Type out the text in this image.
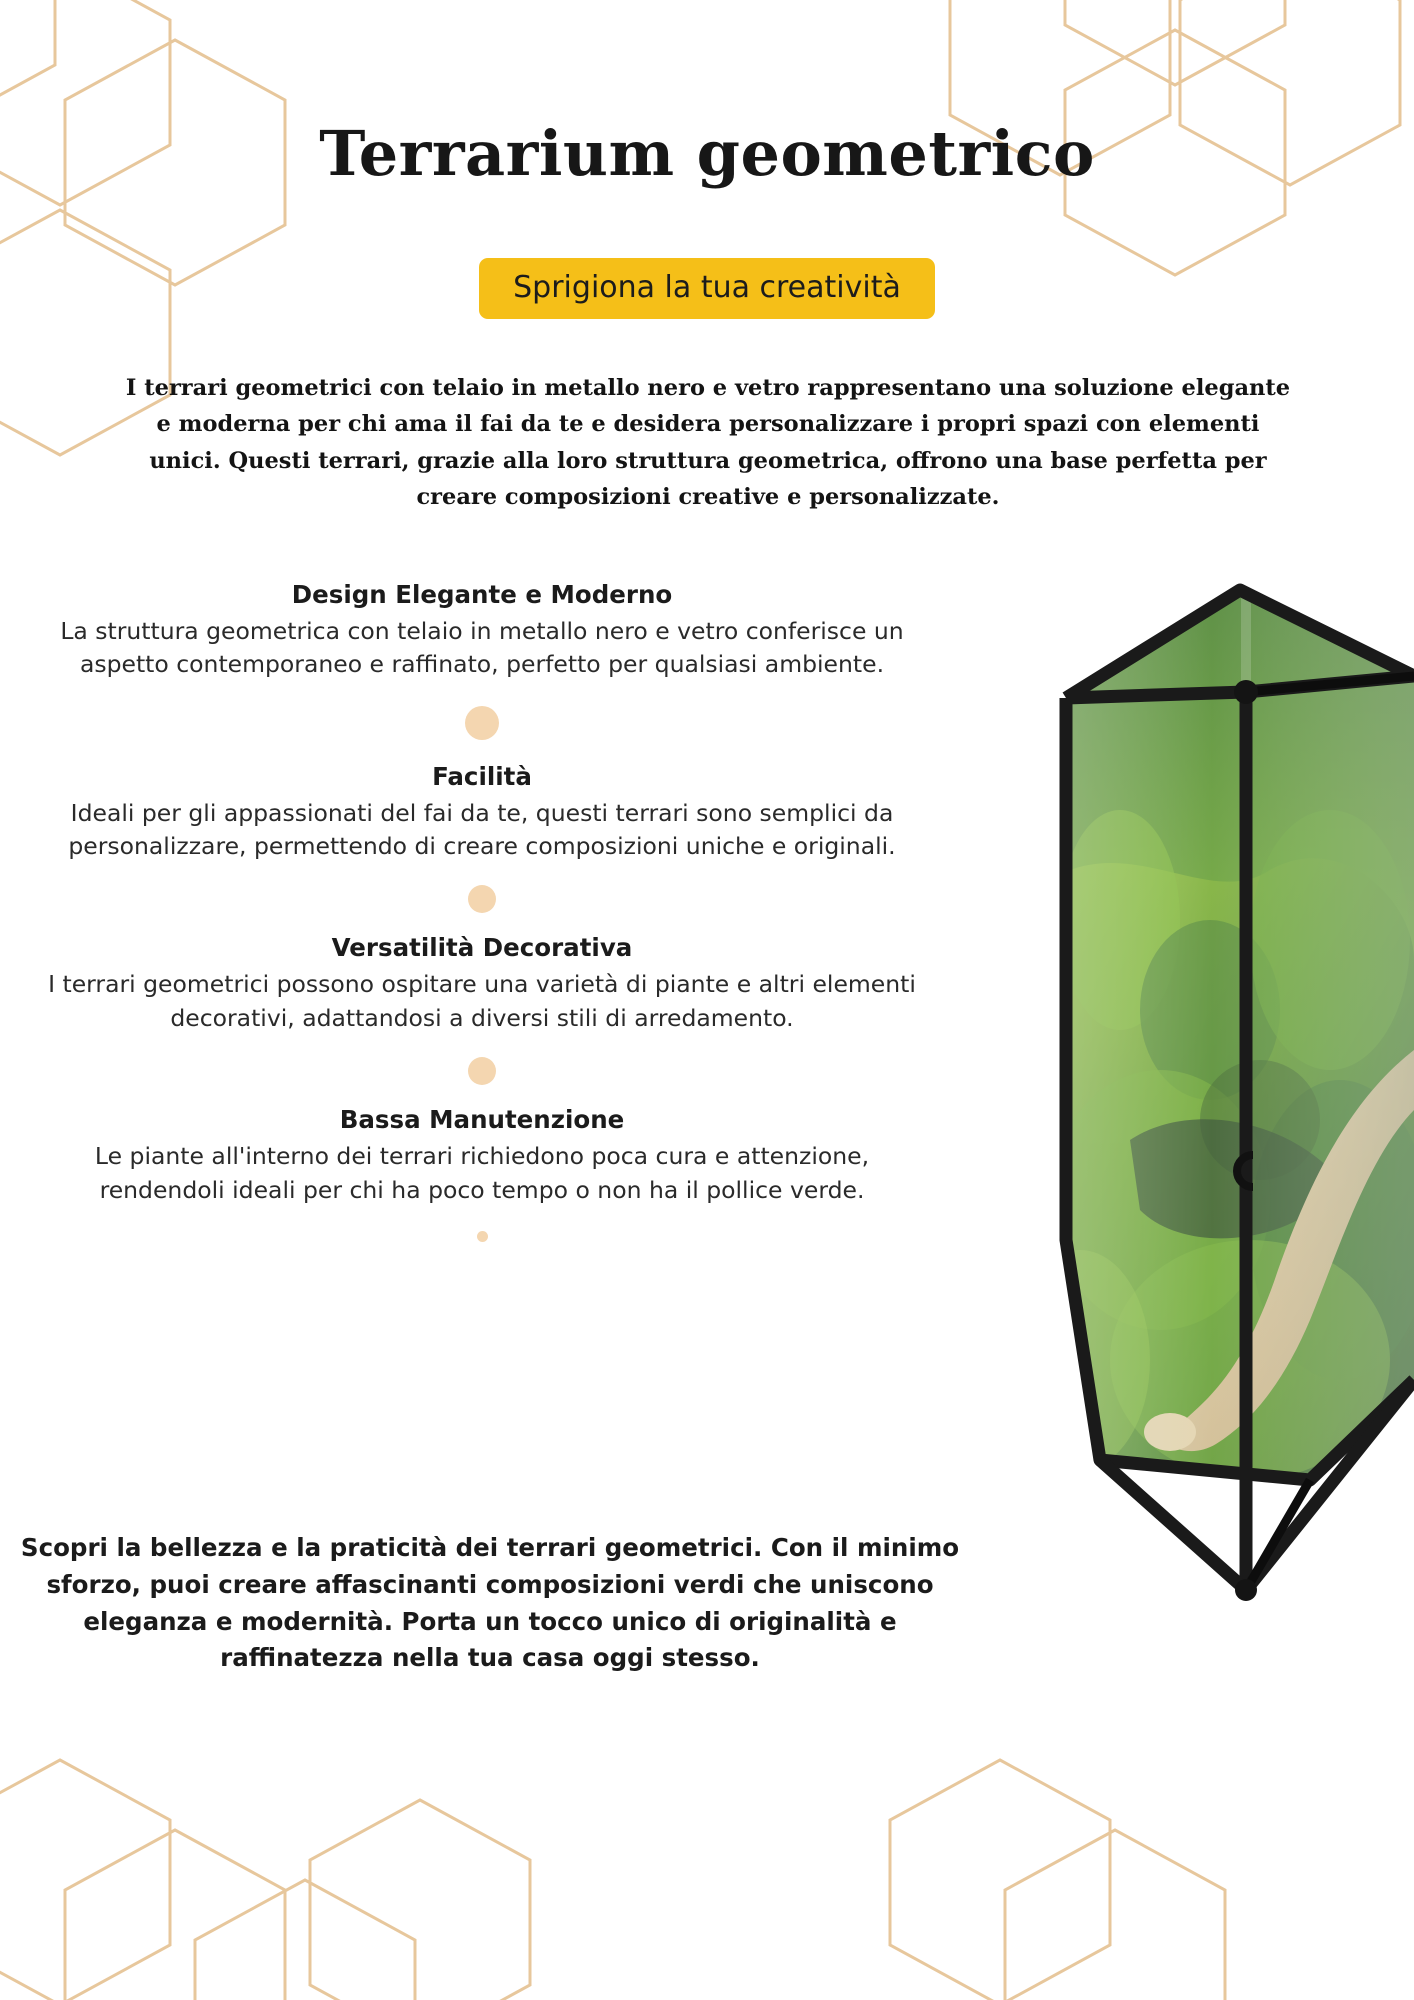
Terrarium geometrico
Sprigiona la tua creatività

I terrari geometrici con telaio in metallo nero e vetro rappresentano una soluzione elegante e moderna per chi ama il fai da te e desidera personalizzare i propri spazi con elementi unici. Questi terrari, grazie alla loro struttura geometrica, offrono una base perfetta per creare composizioni creative e personalizzate.

Design Elegante e Moderno
La struttura geometrica con telaio in metallo nero e vetro conferisce un aspetto contemporaneo e raffinato, perfetto per qualsiasi ambiente.
Facilità
Ideali per gli appassionati del fai da te, questi terrari sono semplici da personalizzare, permettendo di creare composizioni uniche e originali.
Versatilità Decorativa
I terrari geometrici possono ospitare una varietà di piante e altri elementi decorativi, adattandosi a diversi stili di arredamento.
Bassa Manutenzione
Le piante all'interno dei terrari richiedono poca cura e attenzione, rendendoli ideali per chi ha poco tempo o non ha il pollice verde.

Scopri la bellezza e la praticità dei terrari geometrici. Con il minimo sforzo, puoi creare affascinanti composizioni verdi che uniscono eleganza e modernità. Porta un tocco unico di originalità e raffinatezza nella tua casa oggi stesso.
